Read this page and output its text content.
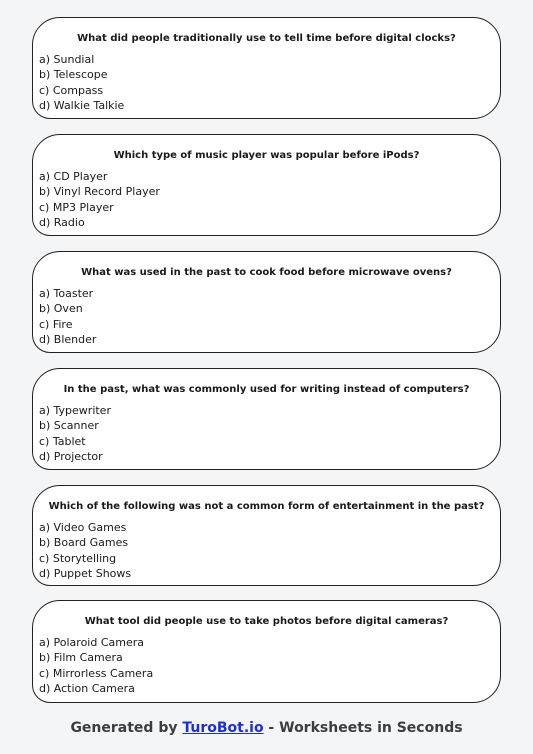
What did people traditionally use to tell time before digital clocks?
a) Sundial
b) Telescope
c) Compass
d) Walkie Talkie
Which type of music player was popular before iPods?
a) CD Player
b) Vinyl Record Player
c) MP3 Player
d) Radio
What was used in the past to cook food before microwave ovens?
a) Toaster
b) Oven
c) Fire
d) Blender
In the past, what was commonly used for writing instead of computers?
a) Typewriter
b) Scanner
c) Tablet
d) Projector
Which of the following was not a common form of entertainment in the past?
a) Video Games
b) Board Games
c) Storytelling
d) Puppet Shows
What tool did people use to take photos before digital cameras?
a) Polaroid Camera
b) Film Camera
c) Mirrorless Camera
d) Action Camera
Generated by TuroBot.io - Worksheets in Seconds
